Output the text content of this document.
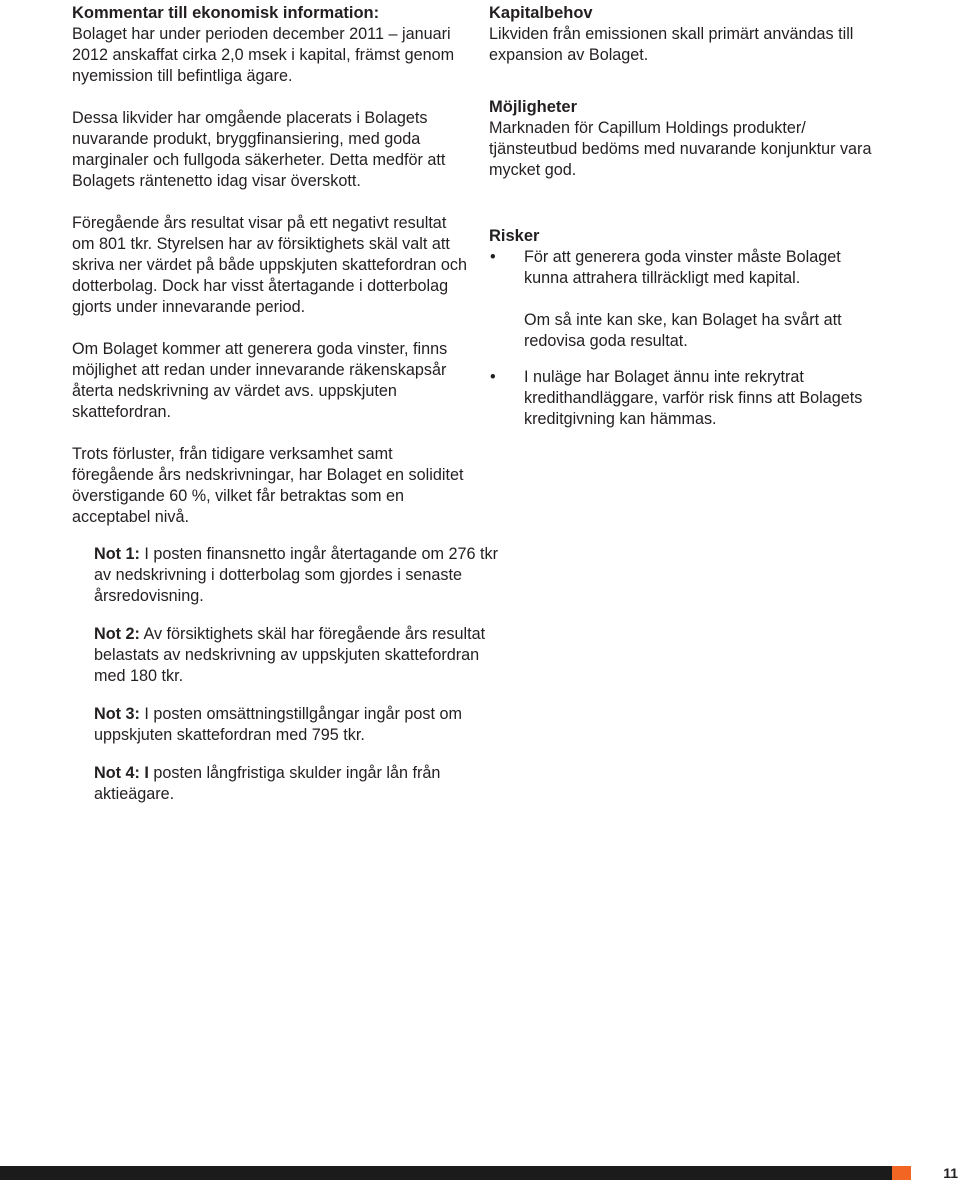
Kommentar till ekonomisk information:

Bolaget har under perioden december 2011 – januari 2012 anskaffat cirka 2,0 msek i kapital, främst genom nyemission till befintliga ägare.

Dessa likvider har omgående placerats i Bolagets nuvarande produkt, bryggfinansiering, med goda marginaler och fullgoda säkerheter. Detta medför att Bolagets räntenetto idag visar överskott.

Föregående års resultat visar på ett negativt resultat om 801 tkr. Styrelsen har av försiktighets skäl valt att skriva ner värdet på både uppskjuten skattefordran och dotterbolag. Dock har visst återtagande i dotterbolag gjorts under innevarande period.

Om Bolaget kommer att generera goda vinster, finns möjlighet att redan under innevarande räkenskapsår återta nedskrivning av värdet avs. uppskjuten skattefordran.

Trots förluster, från tidigare verksamhet samt föregående års nedskrivningar, har Bolaget en soliditet överstigande 60 %, vilket får betraktas som en acceptabel nivå.

Not 1: I posten finansnetto ingår återtagande om 276 tkr av nedskrivning i dotterbolag som gjordes i senaste årsredovisning.

Not 2: Av försiktighets skäl har föregående års resultat belastats av nedskrivning av uppskjuten skattefordran med 180 tkr.

Not 3: I posten omsättningstillgångar ingår post om uppskjuten skattefordran med 795 tkr.

Not 4: I posten långfristiga skulder ingår lån från aktieägare.

Kapitalbehov

Likviden från emissionen skall primärt användas till expansion av Bolaget.

Möjligheter

Marknaden för Capillum Holdings produkter/ tjänsteutbud bedöms med nuvarande konjunktur vara mycket god.

Risker
• För att generera goda vinster måste Bolaget kunna attrahera tillräckligt med kapital.

Om så inte kan ske, kan Bolaget ha svårt att redovisa goda resultat.

• I nuläge har Bolaget ännu inte rekrytrat kredithandläggare, varför risk finns att Bolagets kreditgivning kan hämmas.

11
